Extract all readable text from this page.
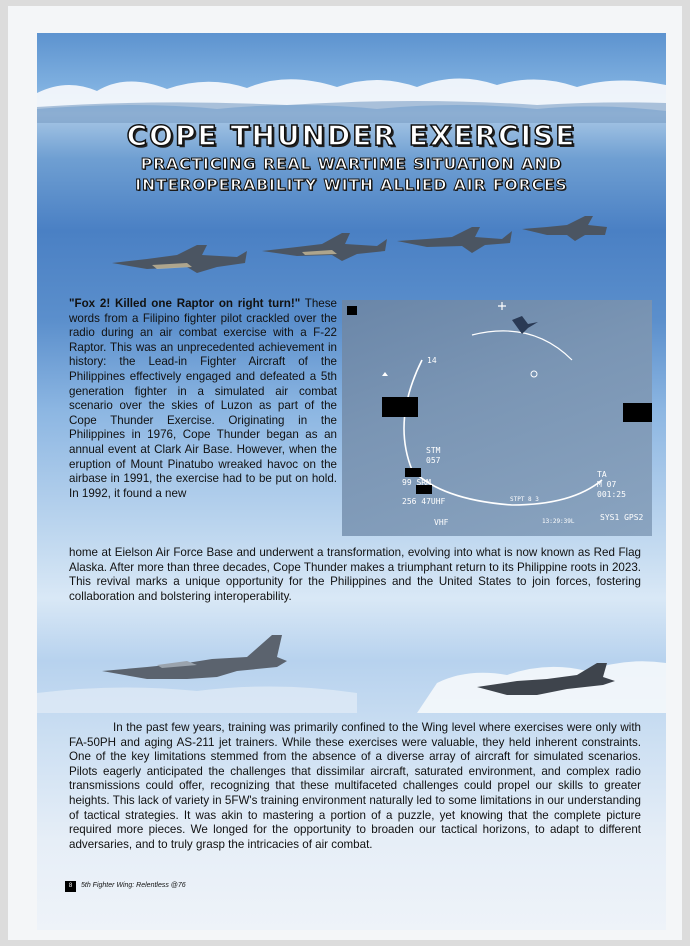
COPE THUNDER EXERCISE
PRACTICING REAL WARTIME SITUATION AND
INTEROPERABILITY WITH ALLIED AIR FORCES

"Fox 2! Killed one Raptor on right turn!" These words from a Filipino fighter pilot crackled over the radio during an air combat exercise with a F-22 Raptor. This was an unprecedented achievement in history: the Lead-in Fighter Aircraft of the Philippines effectively engaged and defeated a 5th generation fighter in a simulated air combat scenario over the skies of Luzon as part of the Cope Thunder Exercise. Originating in the Philippines in 1976, Cope Thunder began as an annual event at Clark Air Base. However, when the eruption of Mount Pinatubo wreaked havoc on the airbase in 1991, the exercise had to be put on hold. In 1992, it found a new

14
STM
057
99 SRM
256 47UHF
VHF
TA
M 07
001:25
SYS1 GPS2
13:29:39L
STPT 8 3

home at Eielson Air Force Base and underwent a transformation, evolving into what is now known as Red Flag Alaska. After more than three decades, Cope Thunder makes a triumphant return to its Philippine roots in 2023. This revival marks a unique opportunity for the Philippines and the United States to join forces, fostering collaboration and bolstering interoperability.

In the past few years, training was primarily confined to the Wing level where exercises were only with FA-50PH and aging AS-211 jet trainers. While these exercises were valuable, they held inherent constraints. One of the key limitations stemmed from the absence of a diverse array of aircraft for simulated scenarios. Pilots eagerly anticipated the challenges that dissimilar aircraft, saturated environment, and complex radio transmissions could offer, recognizing that these multifaceted challenges could propel our skills to greater heights. This lack of variety in 5FW's training environment naturally led to some limitations in our understanding of tactical strategies. It was akin to mastering a portion of a puzzle, yet knowing that the complete picture required more pieces. We longed for the opportunity to broaden our tactical horizons, to adapt to different adversaries, and to truly grasp the intricacies of air combat.

8	5th Fighter Wing: Relentless @76
